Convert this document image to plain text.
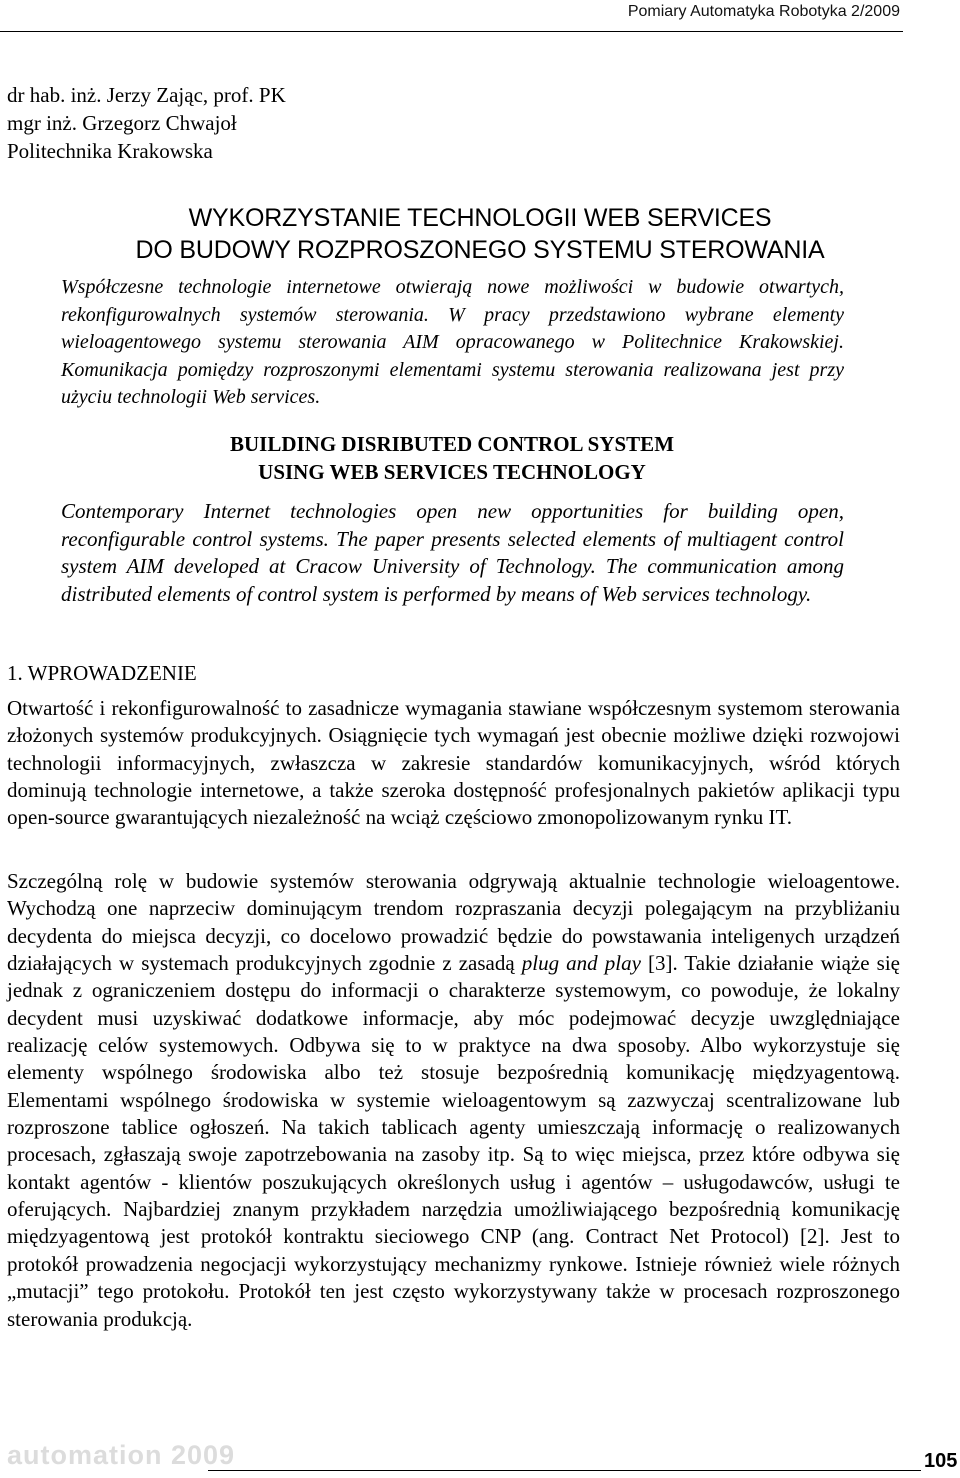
Pomiary Automatyka Robotyka 2/2009
dr hab. inż. Jerzy Zając, prof. PK
mgr inż. Grzegorz Chwajoł
Politechnika Krakowska
WYKORZYSTANIE TECHNOLOGII WEB SERVICES
DO BUDOWY ROZPROSZONEGO SYSTEMU STEROWANIA
Współczesne technologie internetowe otwierają nowe możliwości w budowie otwartych, rekonfigurowalnych systemów sterowania. W pracy przedstawiono wybrane elementy wieloagentowego systemu sterowania AIM opracowanego w Politechnice Krakowskiej. Komunikacja pomiędzy rozproszonymi elementami systemu sterowania realizowana jest przy użyciu technologii Web services.
BUILDING DISRIBUTED CONTROL SYSTEM
USING WEB SERVICES TECHNOLOGY
Contemporary Internet technologies open new opportunities for building open, reconfigurable control systems. The paper presents selected elements of multiagent control system AIM developed at Cracow University of Technology. The communication among distributed elements of control system is performed by means of Web services technology.
1. WPROWADZENIE
Otwartość i rekonfigurowalność to zasadnicze wymagania stawiane współczesnym systemom sterowania złożonych systemów produkcyjnych. Osiągnięcie tych wymagań jest obecnie możliwe dzięki rozwojowi technologii informacyjnych, zwłaszcza w zakresie standardów komunikacyjnych, wśród których dominują technologie internetowe, a także szeroka dostępność profesjonalnych pakietów aplikacji typu open-source gwarantujących niezależność na wciąż częściowo zmonopolizowanym rynku IT.
Szczególną rolę w budowie systemów sterowania odgrywają aktualnie technologie wieloagentowe. Wychodzą one naprzeciw dominującym trendom rozpraszania decyzji polegającym na przybliżaniu decydenta do miejsca decyzji, co docelowo prowadzić będzie do powstawania inteligenych urządzeń działających w systemach produkcyjnych zgodnie z zasadą plug and play [3]. Takie działanie wiąże się jednak z ograniczeniem dostępu do informacji o charakterze systemowym, co powoduje, że lokalny decydent musi uzyskiwać dodatkowe informacje, aby móc podejmować decyzje uwzględniające realizację celów systemowych. Odbywa się to w praktyce na dwa sposoby. Albo wykorzystuje się elementy wspólnego środowiska albo też stosuje bezpośrednią komunikację międzyagentową. Elementami wspólnego środowiska w systemie wieloagentowym są zazwyczaj scentralizowane lub rozproszone tablice ogłoszeń. Na takich tablicach agenty umieszczają informację o realizowanych procesach, zgłaszają swoje zapotrzebowania na zasoby itp. Są to więc miejsca, przez które odbywa się kontakt agentów - klientów poszukujących określonych usług i agentów – usługodawców, usługi te oferujących. Najbardziej znanym przykładem narzędzia umożliwiającego bezpośrednią komunikację międzyagentową jest protokół kontraktu sieciowego CNP (ang. Contract Net Protocol) [2]. Jest to protokół prowadzenia negocjacji wykorzystujący mechanizmy rynkowe. Istnieje również wiele różnych „mutacji” tego protokołu. Protokół ten jest często wykorzystywany także w procesach rozproszonego sterowania produkcją.
automation 2009	105
